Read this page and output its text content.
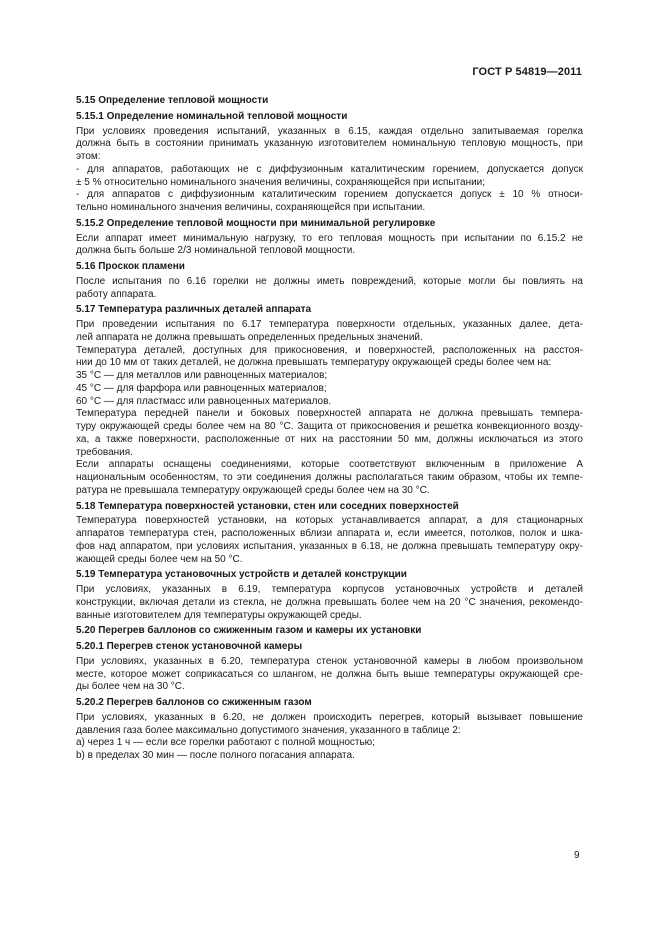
ГОСТ Р 54819—2011
5.15 Определение тепловой мощности
5.15.1 Определение номинальной тепловой мощности
При условиях проведения испытаний, указанных в 6.15, каждая отдельно запитываемая горелка
должна быть в состоянии принимать указанную изготовителем номинальную тепловую мощность, при
этом:
- для аппаратов, работающих не с диффузионным каталитическим горением, допускается допуск
± 5 % относительно номинального значения величины, сохраняющейся при испытании;
- для аппаратов с диффузионным каталитическим горением допускается допуск ± 10 % относи-
тельно номинального значения величины, сохраняющейся при испытании.
5.15.2 Определение тепловой мощности при минимальной регулировке
Если аппарат имеет минимальную нагрузку, то его тепловая мощность при испытании по 6.15.2 не
должна быть больше 2/3 номинальной тепловой мощности.
5.16 Проскок пламени
После испытания по 6.16 горелки не должны иметь повреждений, которые могли бы повлиять на
работу аппарата.
5.17 Температура различных деталей аппарата
При проведении испытания по 6.17 температура поверхности отдельных, указанных далее, дета-
лей аппарата не должна превышать определенных предельных значений.
Температура деталей, доступных для прикосновения, и поверхностей, расположенных на расстоя-
нии до 10 мм от таких деталей, не должна превышать температуру окружающей среды более чем на:
35 °С — для металлов или равноценных материалов;
45 °С — для фарфора или равноценных материалов;
60 °С — для пластмасс или равноценных материалов.
Температура передней панели и боковых поверхностей аппарата не должна превышать темпера-
туру окружающей среды более чем на 80 °С. Защита от прикосновения и решетка конвекционного возду-
ха, а также поверхности, расположенные от них на расстоянии 50 мм, должны исключаться из этого
требования.
Если аппараты оснащены соединениями, которые соответствуют включенным в приложение А
национальным особенностям, то эти соединения должны располагаться таким образом, чтобы их темпе-
ратура не превышала температуру окружающей среды более чем на 30 °С.
5.18 Температура поверхностей установки, стен или соседних поверхностей
Температура поверхностей установки, на которых устанавливается аппарат, а для стационарных
аппаратов температура стен, расположенных вблизи аппарата и, если имеется, потолков, полок и шка-
фов над аппаратом, при условиях испытания, указанных в 6.18, не должна превышать температуру окру-
жающей среды более чем на 50 °С.
5.19 Температура установочных устройств и деталей конструкции
При условиях, указанных в 6.19, температура корпусов установочных устройств и деталей
конструкции, включая детали из стекла, не должна превышать более чем на 20 °С значения, рекомендо-
ванные изготовителем для температуры окружающей среды.
5.20 Перегрев баллонов со сжиженным газом и камеры их установки
5.20.1 Перегрев стенок установочной камеры
При условиях, указанных в 6.20, температура стенок установочной камеры в любом произвольном
месте, которое может соприкасаться со шлангом, не должна быть выше температуры окружающей сре-
ды более чем на 30 °С.
5.20.2 Перегрев баллонов со сжиженным газом
При условиях, указанных в 6.20, не должен происходить перегрев, который вызывает повышение
давления газа более максимально допустимого значения, указанного в таблице 2:
a) через 1 ч — если все горелки работают с полной мощностью;
b) в пределах 30 мин — после полного погасания аппарата.
9
